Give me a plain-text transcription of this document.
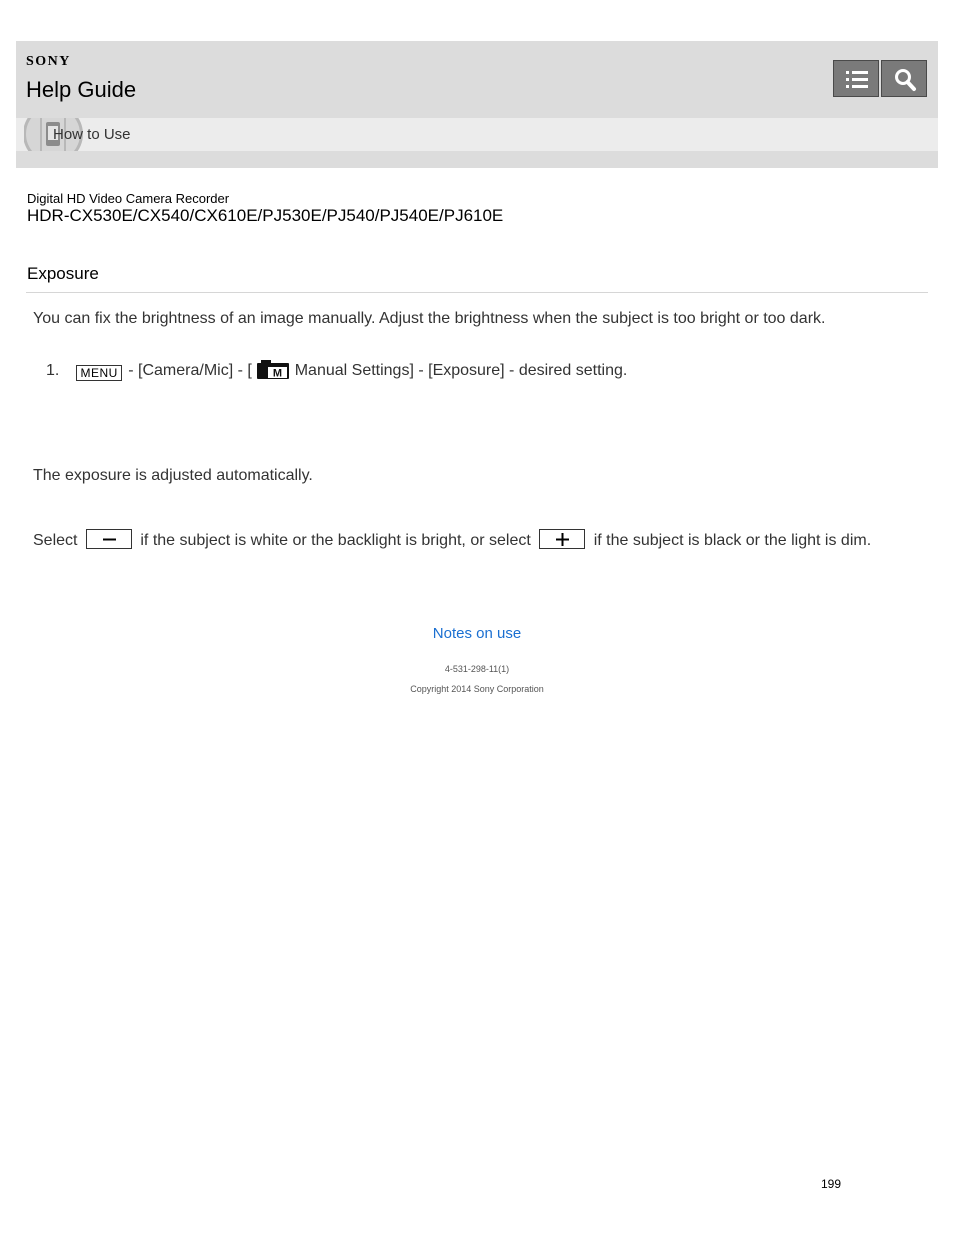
SONY
Help Guide
How to Use
Digital HD Video Camera Recorder
HDR-CX530E/CX540/CX610E/PJ530E/PJ540/PJ540E/PJ610E
Exposure
You can fix the brightness of an image manually. Adjust the brightness when the subject is too bright or too dark.
1. MENU - [Camera/Mic] - [ M Manual Settings] - [Exposure] - desired setting.
The exposure is adjusted automatically.
Select	if the subject is white or the backlight is bright, or select	if the subject is black or the light is dim.
Notes on use
4-531-298-11(1)
Copyright 2014 Sony Corporation
199
